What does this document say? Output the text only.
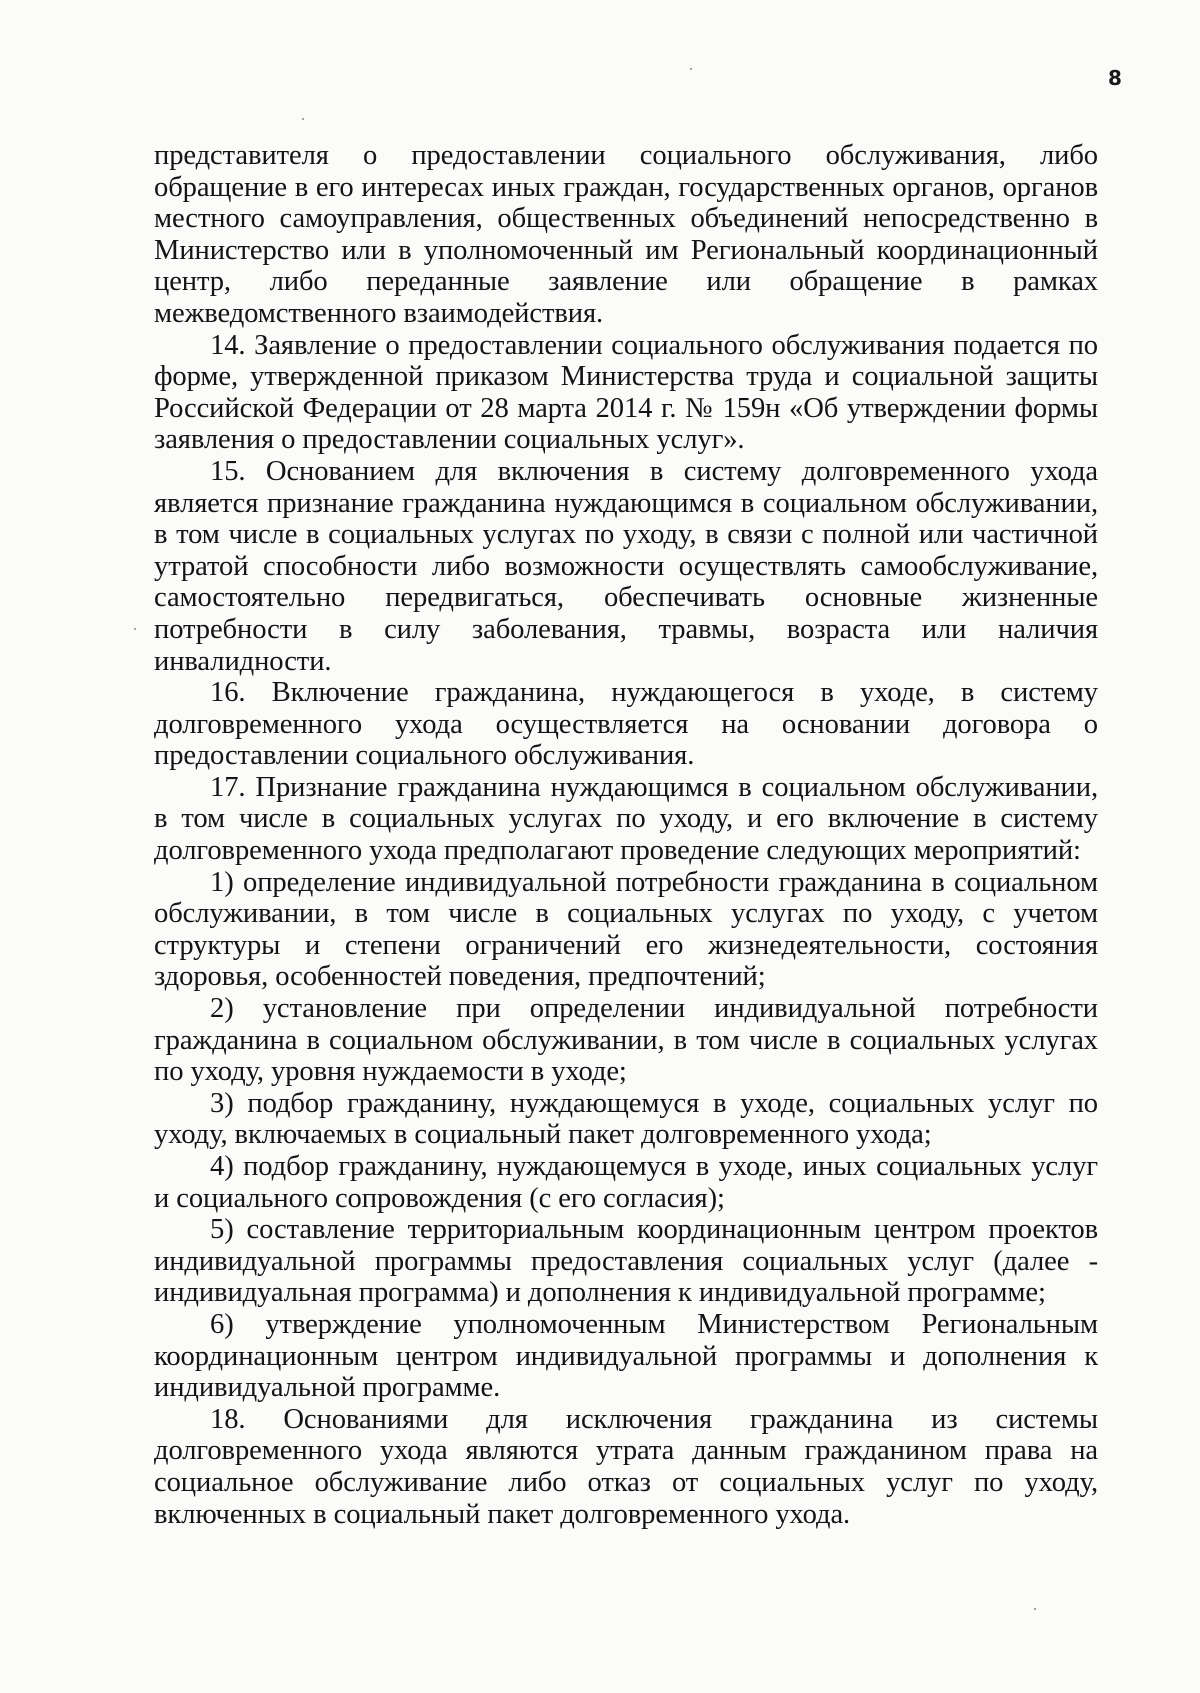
8

представителя о предоставлении социального обслуживания, либо обращение в его интересах иных граждан, государственных органов, органов местного самоуправления, общественных объединений непосредственно в Министерство или в уполномоченный им Региональный координационный центр, либо переданные заявление или обращение в рамках межведомственного взаимодействия.

14. Заявление о предоставлении социального обслуживания подается по форме, утвержденной приказом Министерства труда и социальной защиты Российской Федерации от 28 марта 2014 г. № 159н «Об утверждении формы заявления о предоставлении социальных услуг».

15. Основанием для включения в систему долговременного ухода является признание гражданина нуждающимся в социальном обслуживании, в том числе в социальных услугах по уходу, в связи с полной или частичной утратой способности либо возможности осуществлять самообслуживание, самостоятельно передвигаться, обеспечивать основные жизненные потребности в силу заболевания, травмы, возраста или наличия инвалидности.

16. Включение гражданина, нуждающегося в уходе, в систему долговременного ухода осуществляется на основании договора о предоставлении социального обслуживания.

17. Признание гражданина нуждающимся в социальном обслуживании, в том числе в социальных услугах по уходу, и его включение в систему долговременного ухода предполагают проведение следующих мероприятий:

1) определение индивидуальной потребности гражданина в социальном обслуживании, в том числе в социальных услугах по уходу, с учетом структуры и степени ограничений его жизнедеятельности, состояния здоровья, особенностей поведения, предпочтений;

2) установление при определении индивидуальной потребности гражданина в социальном обслуживании, в том числе в социальных услугах по уходу, уровня нуждаемости в уходе;

3) подбор гражданину, нуждающемуся в уходе, социальных услуг по уходу, включаемых в социальный пакет долговременного ухода;

4) подбор гражданину, нуждающемуся в уходе, иных социальных услуг и социального сопровождения (с его согласия);

5) составление территориальным координационным центром проектов индивидуальной программы предоставления социальных услуг (далее - индивидуальная программа) и дополнения к индивидуальной программе;

6) утверждение уполномоченным Министерством Региональным координационным центром индивидуальной программы и дополнения к индивидуальной программе.

18. Основаниями для исключения гражданина из системы долговременного ухода являются утрата данным гражданином права на социальное обслуживание либо отказ от социальных услуг по уходу, включенных в социальный пакет долговременного ухода.
